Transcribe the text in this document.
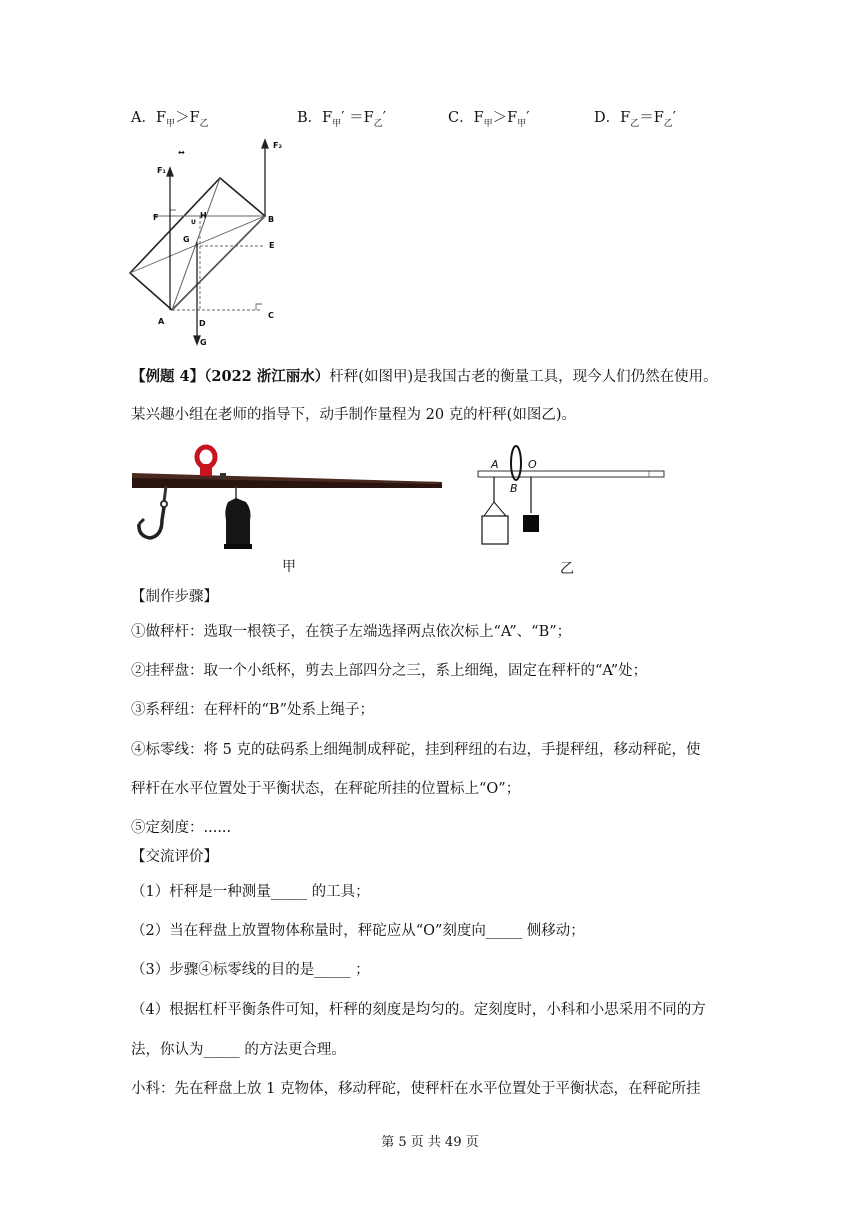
A．$F_甲>F_乙$	B．$F_甲' =F_乙'$	C．$F_甲>F_甲'$	D．$F_乙=F_乙'$
↔
F₁
F₂
F	H
U	B
G
E
A	D
C
G
【例题 4】（2022 浙江丽水）杆秤(如图甲)是我国古老的衡量工具，现今人们仍然在使用。
某兴趣小组在老师的指导下，动手制作量程为 20 克的杆秤(如图乙)。
甲
A	O
B
乙
【制作步骤】
①做秤杆：选取一根筷子，在筷子左端选择两点依次标上“A”、“B”；
②挂秤盘：取一个小纸杯，剪去上部四分之三，系上细绳，固定在秤杆的“A”处；
③系秤纽：在秤杆的“B”处系上绳子；
④标零线：将 5 克的砝码系上细绳制成秤砣，挂到秤纽的右边，手提秤纽，移动秤砣，使
秤杆在水平位置处于平衡状态，在秤砣所挂的位置标上“O”；
⑤定刻度：......
【交流评价】
（1）杆秤是一种测量_____ 的工具；
（2）当在秤盘上放置物体称量时，秤砣应从“O”刻度向_____ 侧移动；
（3）步骤④标零线的目的是_____ ；
（4）根据杠杆平衡条件可知，杆秤的刻度是均匀的。定刻度时，小科和小思采用不同的方
法，你认为_____ 的方法更合理。
小科：先在秤盘上放 1 克物体，移动秤砣，使秤杆在水平位置处于平衡状态，在秤砣所挂
第 5 页 共 49 页
